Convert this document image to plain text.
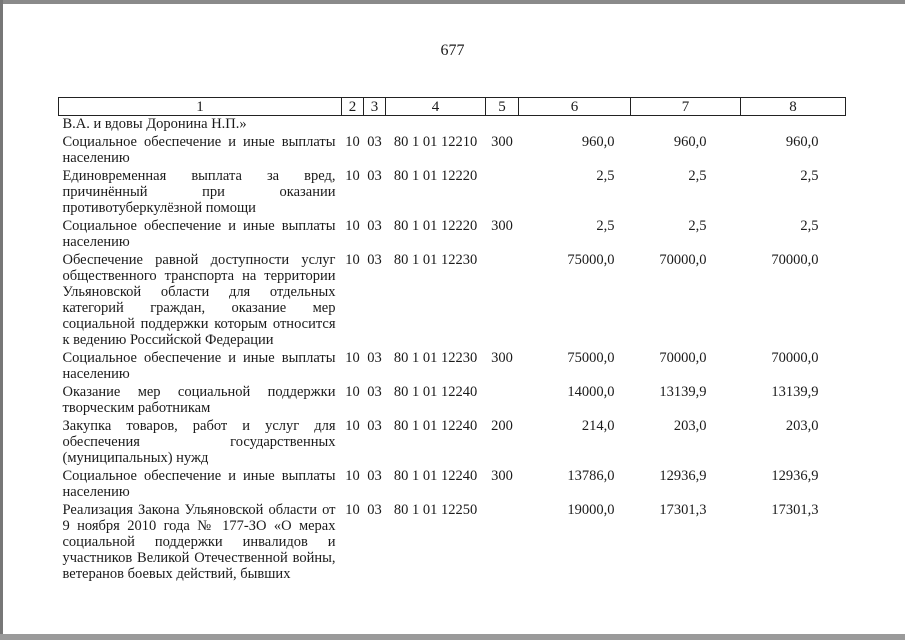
677
1	2	3	4	5	6	7	8
В.А. и вдовы Доронина Н.П.»							
Социальное обеспечение и иные выплаты населению	10	03	80 1 01 12210	300	960,0	960,0	960,0
Единовременная выплата за вред, причинённый при оказании противотуберкулёзной помощи	10	03	80 1 01 12220		2,5	2,5	2,5
Социальное обеспечение и иные выплаты населению	10	03	80 1 01 12220	300	2,5	2,5	2,5
Обеспечение равной доступности услуг общественного транспорта на территории Ульяновской области для отдельных категорий граждан, оказание мер социальной поддержки которым относится к ведению Российской Федерации	10	03	80 1 01 12230		75000,0	70000,0	70000,0
Социальное обеспечение и иные выплаты населению	10	03	80 1 01 12230	300	75000,0	70000,0	70000,0
Оказание мер социальной поддержки творческим работникам	10	03	80 1 01 12240		14000,0	13139,9	13139,9
Закупка товаров, работ и услуг для обеспечения государственных (муниципальных) нужд	10	03	80 1 01 12240	200	214,0	203,0	203,0
Социальное обеспечение и иные выплаты населению	10	03	80 1 01 12240	300	13786,0	12936,9	12936,9
Реализация Закона Ульяновской области от 9 ноября 2010 года № 177-ЗО «О мерах социальной поддержки инвалидов и участников Великой Отечественной войны, ветеранов боевых действий, бывших	10	03	80 1 01 12250		19000,0	17301,3	17301,3
